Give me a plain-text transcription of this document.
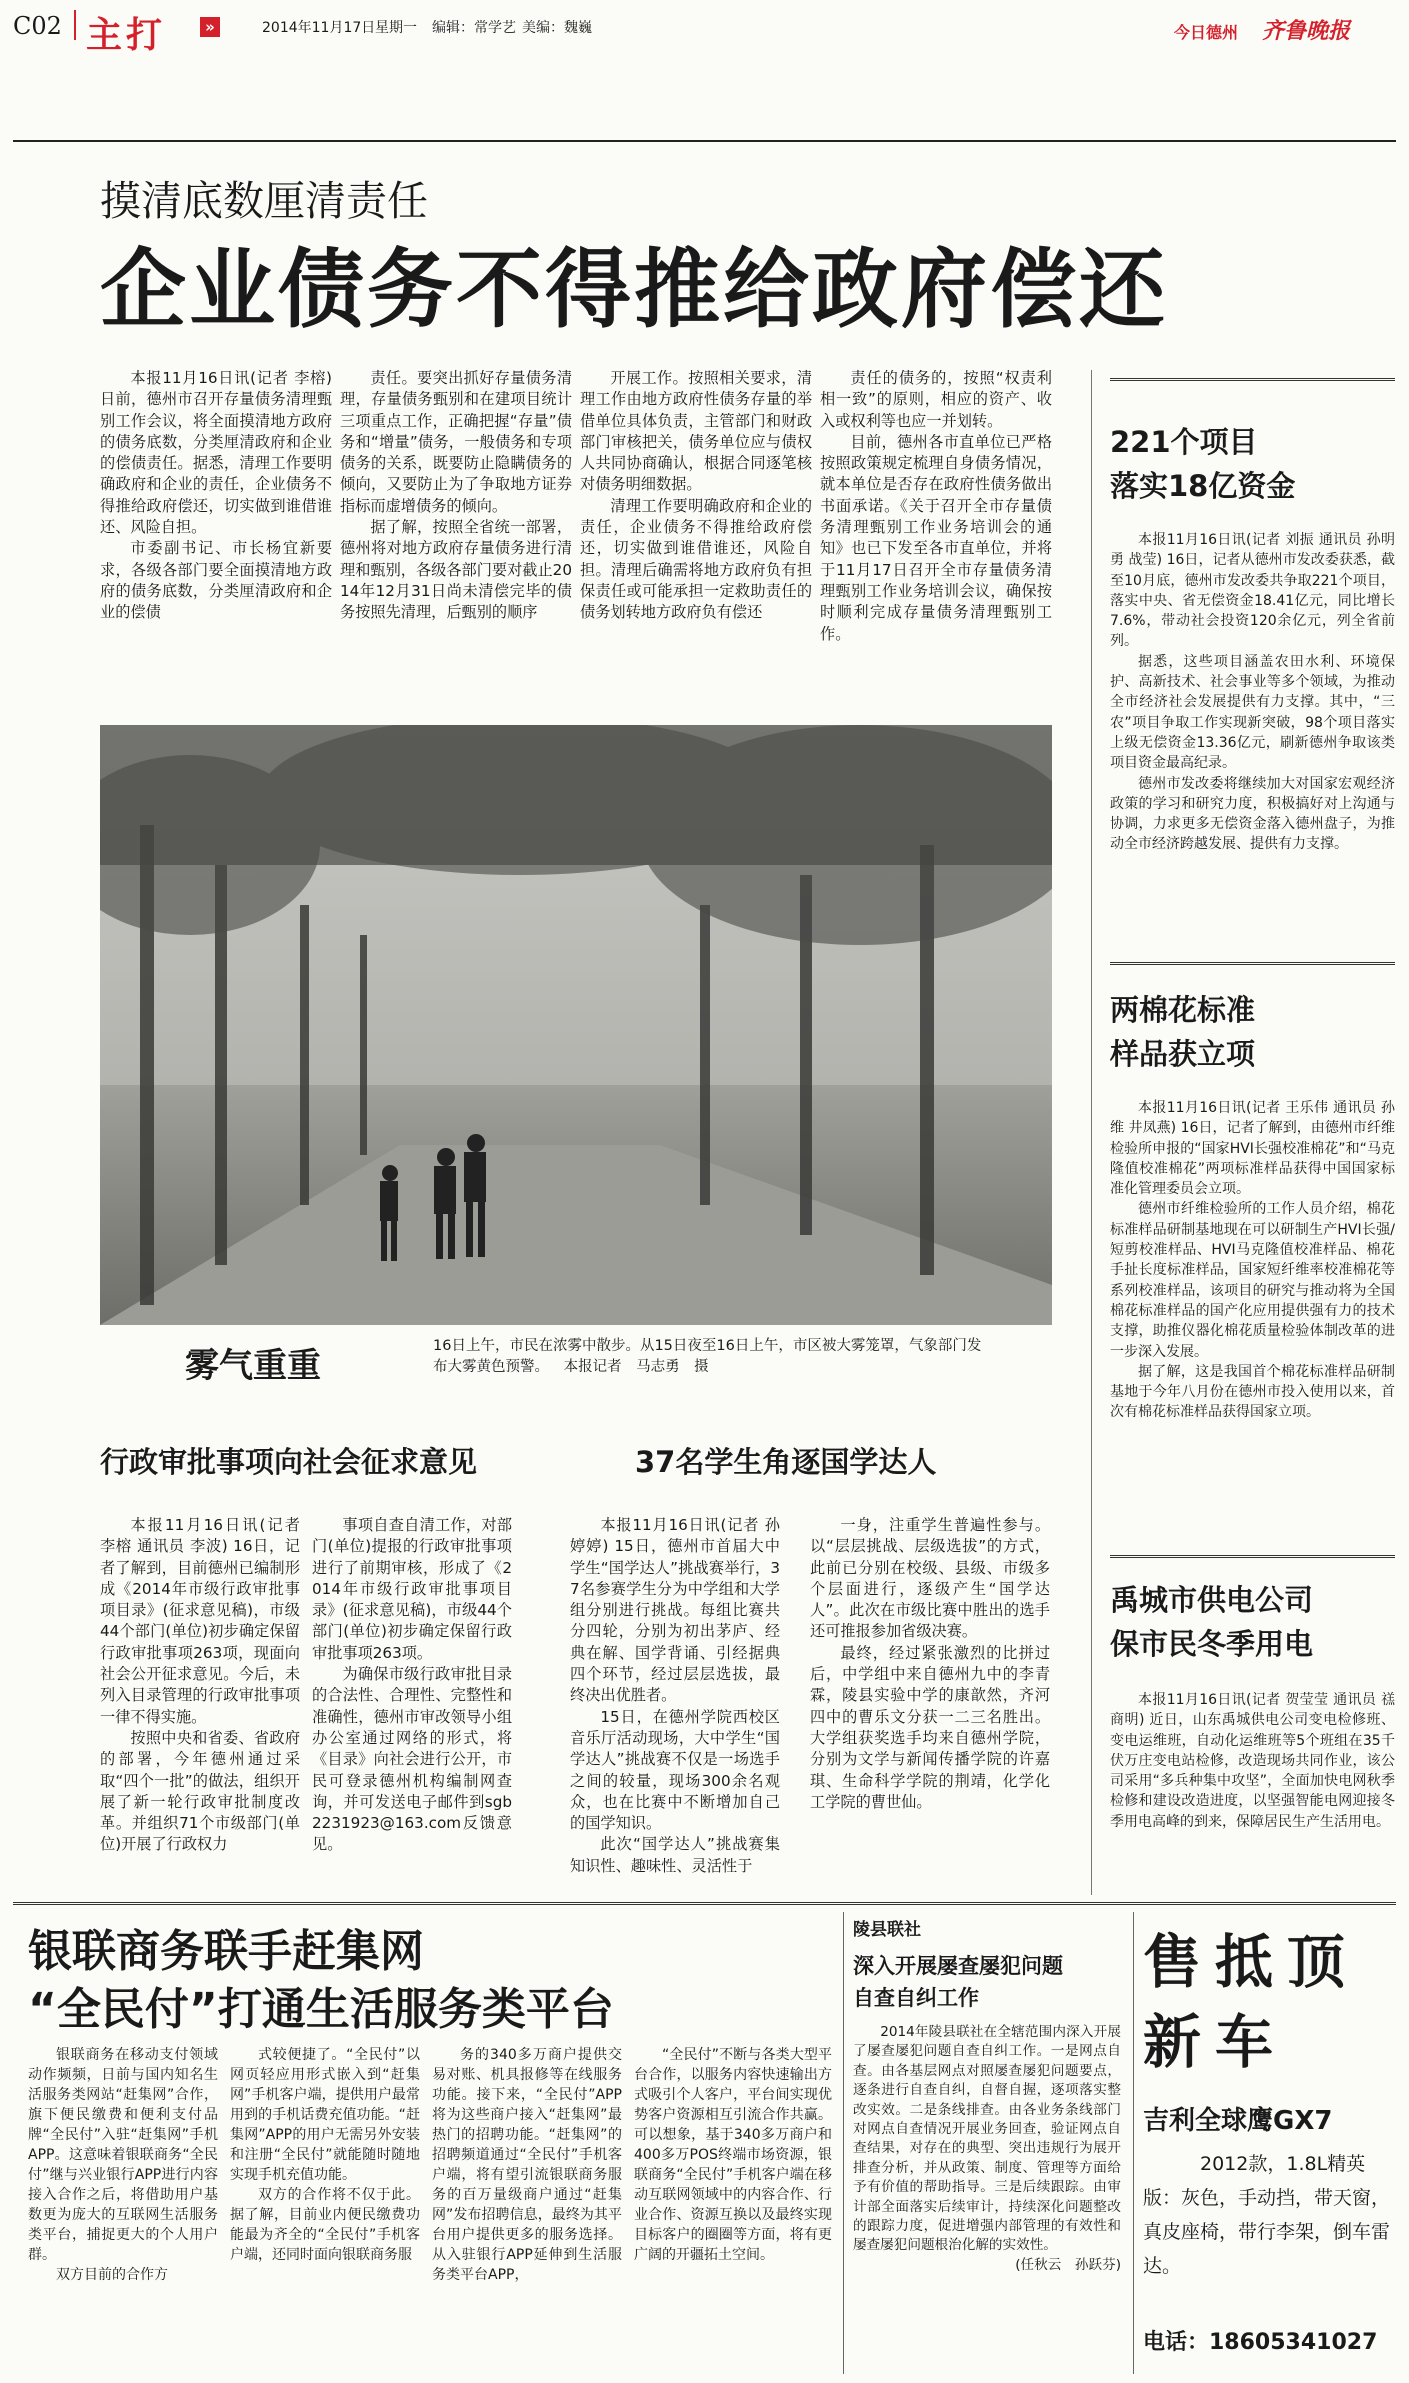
C02 主打	»	2014年11月17日 星期一 编辑：常学艺 美编：魏巍	今日德州 齐鲁晚报
摸清底数厘清责任
企业债务不得推给政府偿还

本报11月16日讯(记者 李榕) 日前，德州市召开存量债务清理甄别工作会议，将全面摸清地方政府的债务底数，分类厘清政府和企业的偿债责任。据悉，清理工作要明确政府和企业的责任，企业债务不得推给政府偿还，切实做到谁借谁还、风险自担。

市委副书记、市长杨宜新要求，各级各部门要全面摸清地方政府的债务底数，分类厘清政府和企业的偿债

责任。要突出抓好存量债务清理，存量债务甄别和在建项目统计三项重点工作，正确把握“存量”债务和“增量”债务，一般债务和专项债务的关系，既要防止隐瞒债务的倾向，又要防止为了争取地方证券指标而虚增债务的倾向。

据了解，按照全省统一部署，德州将对地方政府存量债务进行清理和甄别，各级各部门要对截止2014年12月31日尚未清偿完毕的债务按照先清理，后甄别的顺序

开展工作。按照相关要求，清理工作由地方政府性债务存量的举借单位具体负责，主管部门和财政部门审核把关，债务单位应与债权人共同协商确认，根据合同逐笔核对债务明细数据。

清理工作要明确政府和企业的责任，企业债务不得推给政府偿还，切实做到谁借谁还，风险自担。清理后确需将地方政府负有担保责任或可能承担一定救助责任的债务划转地方政府负有偿还

责任的债务的，按照“权责利相一致”的原则，相应的资产、收入或权利等也应一并划转。

目前，德州各市直单位已严格按照政策规定梳理自身债务情况，就本单位是否存在政府性债务做出书面承诺。《关于召开全市存量债务清理甄别工作业务培训会的通知》也已下发至各市直单位，并将于11月17日召开全市存量债务清理甄别工作业务培训会议，确保按时顺利完成存量债务清理甄别工作。

雾气重重	16日上午，市民在浓雾中散步。从15日夜至16日上午，市区被大雾笼罩，气象部门发布大雾黄色预警。 本报记者　马志勇　摄
行政审批事项向社会征求意见

本报11月16日讯(记者 李榕 通讯员 李波) 16日，记者了解到，目前德州已编制形成《2014年市级行政审批事项目录》(征求意见稿)，市级44个部门(单位)初步确定保留行政审批事项263项，现面向社会公开征求意见。今后，未列入目录管理的行政审批事项一律不得实施。

按照中央和省委、省政府的部署，今年德州通过采取“四个一批”的做法，组织开展了新一轮行政审批制度改革。并组织71个市级部门(单位)开展了行政权力

事项自查自清工作，对部门(单位)提报的行政审批事项进行了前期审核，形成了《2014年市级行政审批事项目录》(征求意见稿)，市级44个部门(单位)初步确定保留行政审批事项263项。

为确保市级行政审批目录的合法性、合理性、完整性和准确性，德州市审改领导小组办公室通过网络的形式，将《目录》向社会进行公开，市民可登录德州机构编制网查询，并可发送电子邮件到sgb2231923@163.com反馈意见。

37名学生角逐国学达人

本报11月16日讯(记者 孙婷婷) 15日，德州市首届大中学生“国学达人”挑战赛举行，37名参赛学生分为中学组和大学组分别进行挑战。每组比赛共分四轮，分别为初出茅庐、经典在解、国学背诵、引经据典四个环节，经过层层选拔，最终决出优胜者。

15日，在德州学院西校区音乐厅活动现场，大中学生“国学达人”挑战赛不仅是一场选手之间的较量，现场300余名观众，也在比赛中不断增加自己的国学知识。

此次“国学达人”挑战赛集知识性、趣味性、灵活性于

一身，注重学生普遍性参与。以“层层挑战、层级选拔”的方式，此前已分别在校级、县级、市级多个层面进行，逐级产生“国学达人”。此次在市级比赛中胜出的选手还可推报参加省级决赛。

最终，经过紧张激烈的比拼过后，中学组中来自德州九中的李青霖，陵县实验中学的康歆然，齐河四中的曹乐文分获一二三名胜出。大学组获奖选手均来自德州学院，分别为文学与新闻传播学院的许嘉琪、生命科学学院的荆靖，化学化工学院的曹世仙。

221个项目
落实18亿资金

本报11月16日讯(记者 刘振 通讯员 孙明勇 战莹) 16日，记者从德州市发改委获悉，截至10月底，德州市发改委共争取221个项目，落实中央、省无偿资金18.41亿元，同比增长7.6%，带动社会投资120余亿元，列全省前列。

据悉，这些项目涵盖农田水利、环境保护、高新技术、社会事业等多个领域，为推动全市经济社会发展提供有力支撑。其中，“三农”项目争取工作实现新突破，98个项目落实上级无偿资金13.36亿元，刷新德州争取该类项目资金最高纪录。

德州市发改委将继续加大对国家宏观经济政策的学习和研究力度，积极搞好对上沟通与协调，力求更多无偿资金落入德州盘子，为推动全市经济跨越发展、提供有力支撑。

两棉花标准
样品获立项

本报11月16日讯(记者 王乐伟 通讯员 孙维 井凤燕) 16日，记者了解到，由德州市纤维检验所申报的“国家HVI长强校准棉花”和“马克隆值校准棉花”两项标准样品获得中国国家标准化管理委员会立项。

德州市纤维检验所的工作人员介绍，棉花标准样品研制基地现在可以研制生产HVI长强/短剪校准样品、HVI马克隆值校准样品、棉花手扯长度标准样品，国家短纤维率校准棉花等系列校准样品，该项目的研究与推动将为全国棉花标准样品的国产化应用提供强有力的技术支撑，助推仪器化棉花质量检验体制改革的进一步深入发展。

据了解，这是我国首个棉花标准样品研制基地于今年八月份在德州市投入使用以来，首次有棉花标准样品获得国家立项。

禹城市供电公司
保市民冬季用电

本报11月16日讯(记者 贺莹莹 通讯员 禚商明) 近日，山东禹城供电公司变电检修班、变电运维班，自动化运维班等5个班组在35千伏万庄变电站检修，改造现场共同作业，该公司采用“多兵种集中攻坚”，全面加快电网秋季检修和建设改造进度，以坚强智能电网迎接冬季用电高峰的到来，保障居民生产生活用电。

银联商务联手赶集网
“全民付”打通生活服务类平台

银联商务在移动支付领域动作频频，日前与国内知名生活服务类网站“赶集网”合作，旗下便民缴费和便利支付品牌“全民付”入驻“赶集网”手机APP。这意味着银联商务“全民付”继与兴业银行APP进行内容接入合作之后，将借助用户基数更为庞大的互联网生活服务类平台，捕捉更大的个人用户群。

双方目前的合作方

式较便捷了。“全民付”以网页轻应用形式嵌入到“赶集网”手机客户端，提供用户最常用到的手机话费充值功能。“赶集网”APP的用户无需另外安装和注册“全民付”就能随时随地实现手机充值功能。

双方的合作将不仅于此。据了解，目前业内便民缴费功能最为齐全的“全民付”手机客户端，还同时面向银联商务服

务的340多万商户提供交易对账、机具报修等在线服务功能。接下来，“全民付”APP将为这些商户接入“赶集网”最热门的招聘功能。“赶集网”的招聘频道通过“全民付”手机客户端，将有望引流银联商务服务的百万量级商户通过“赶集网”发布招聘信息，最终为其平台用户提供更多的服务选择。从入驻银行APP延伸到生活服务类平台APP，

“全民付”不断与各类大型平台合作，以服务内容快速输出方式吸引个人客户，平台间实现优势客户资源相互引流合作共赢。可以想象，基于340多万商户和400多万POS终端市场资源，银联商务“全民付”手机客户端在移动互联网领域中的内容合作、行业合作、资源互换以及最终实现目标客户的圈圈等方面，将有更广阔的开疆拓土空间。

陵县联社
深入开展屡查屡犯问题
自查自纠工作

2014年陵县联社在全辖范围内深入开展了屡查屡犯问题自查自纠工作。一是网点自查。由各基层网点对照屡查屡犯问题要点，逐条进行自查自纠，自督自握，逐项落实整改实效。二是条线排查。由各业务条线部门对网点自查情况开展业务回查，验证网点自查结果，对存在的典型、突出违规行为展开排查分析，并从政策、制度、管理等方面给予有价值的帮助指导。三是后续跟踪。由审计部全面落实后续审计，持续深化问题整改的跟踪力度，促进增强内部管理的有效性和屡查屡犯问题根治化解的实效性。

(任秋云　孙跃芬)
售抵顶
新车
吉利全球鹰GX7
2012款，1.8L精英版：灰色，手动挡，带天窗，真皮座椅，带行李架，倒车雷达。
电话：18605341027
